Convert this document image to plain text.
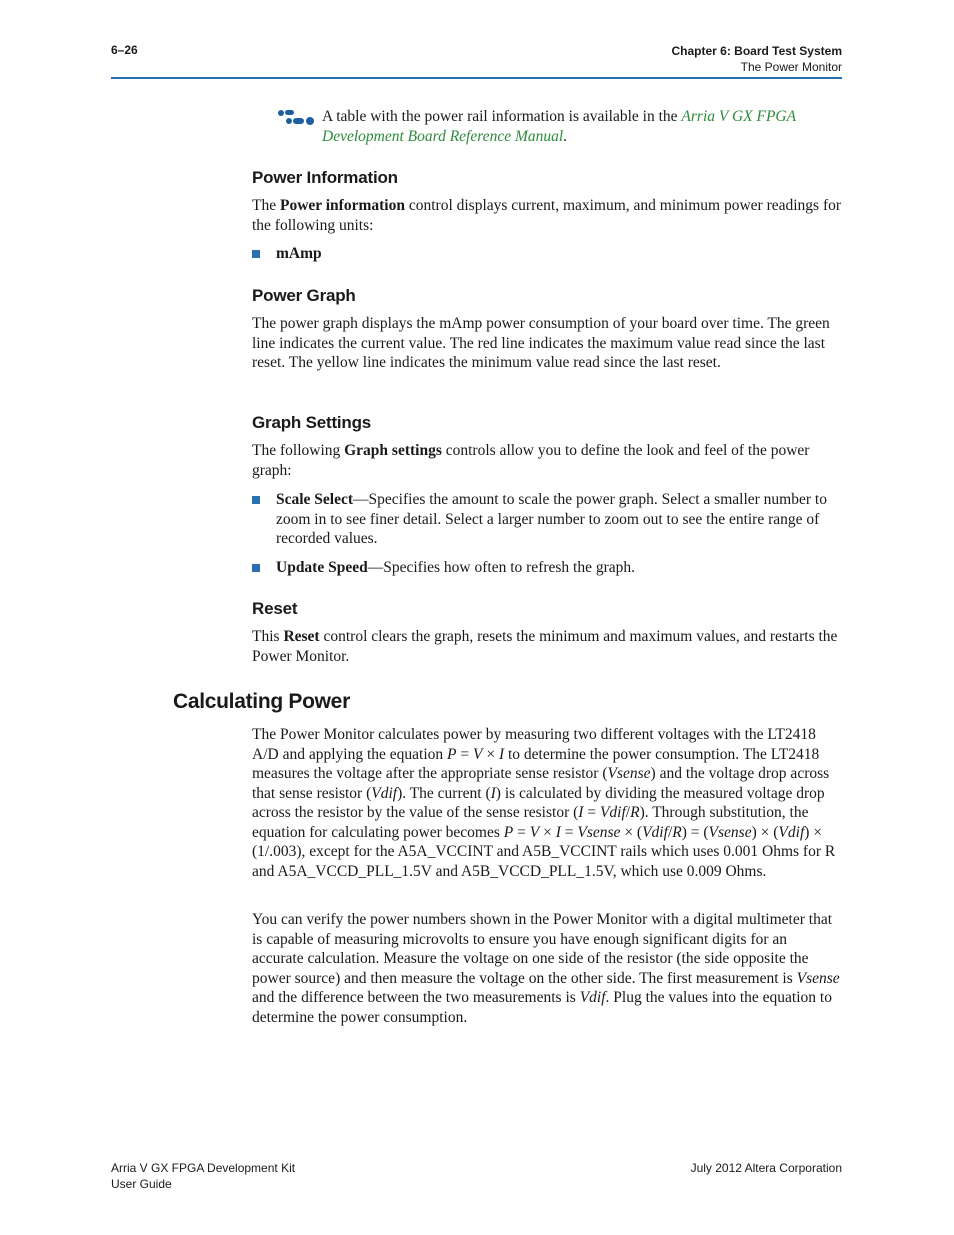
6–26	Chapter 6: Board Test System
The Power Monitor
A table with the power rail information is available in the Arria V GX FPGA Development Board Reference Manual.
Power Information

The Power information control displays current, maximum, and minimum power readings for the following units:

mAmp
Power Graph

The power graph displays the mAmp power consumption of your board over time. The green line indicates the current value. The red line indicates the maximum value read since the last reset. The yellow line indicates the minimum value read since the last reset.

Graph Settings

The following Graph settings controls allow you to define the look and feel of the power graph:

Scale Select—Specifies the amount to scale the power graph. Select a smaller number to zoom in to see finer detail. Select a larger number to zoom out to see the entire range of recorded values.
Update Speed—Specifies how often to refresh the graph.
Reset

This Reset control clears the graph, resets the minimum and maximum values, and restarts the Power Monitor.

Calculating Power

The Power Monitor calculates power by measuring two different voltages with the LT2418 A/D and applying the equation P = V × I to determine the power consumption. The LT2418 measures the voltage after the appropriate sense resistor (Vsense) and the voltage drop across that sense resistor (Vdif). The current (I) is calculated by dividing the measured voltage drop across the resistor by the value of the sense resistor (I = Vdif/R). Through substitution, the equation for calculating power becomes P = V × I = Vsense × (Vdif/R) = (Vsense) × (Vdif) × (1/.003), except for the A5A_VCCINT and A5B_VCCINT rails which uses 0.001 Ohms for R and A5A_VCCD_PLL_1.5V and A5B_VCCD_PLL_1.5V, which use 0.009 Ohms.

You can verify the power numbers shown in the Power Monitor with a digital multimeter that is capable of measuring microvolts to ensure you have enough significant digits for an accurate calculation. Measure the voltage on one side of the resistor (the side opposite the power source) and then measure the voltage on the other side. The first measurement is Vsense and the difference between the two measurements is Vdif. Plug the values into the equation to determine the power consumption.

Arria V GX FPGA Development Kit
User Guide
July 2012 Altera Corporation
